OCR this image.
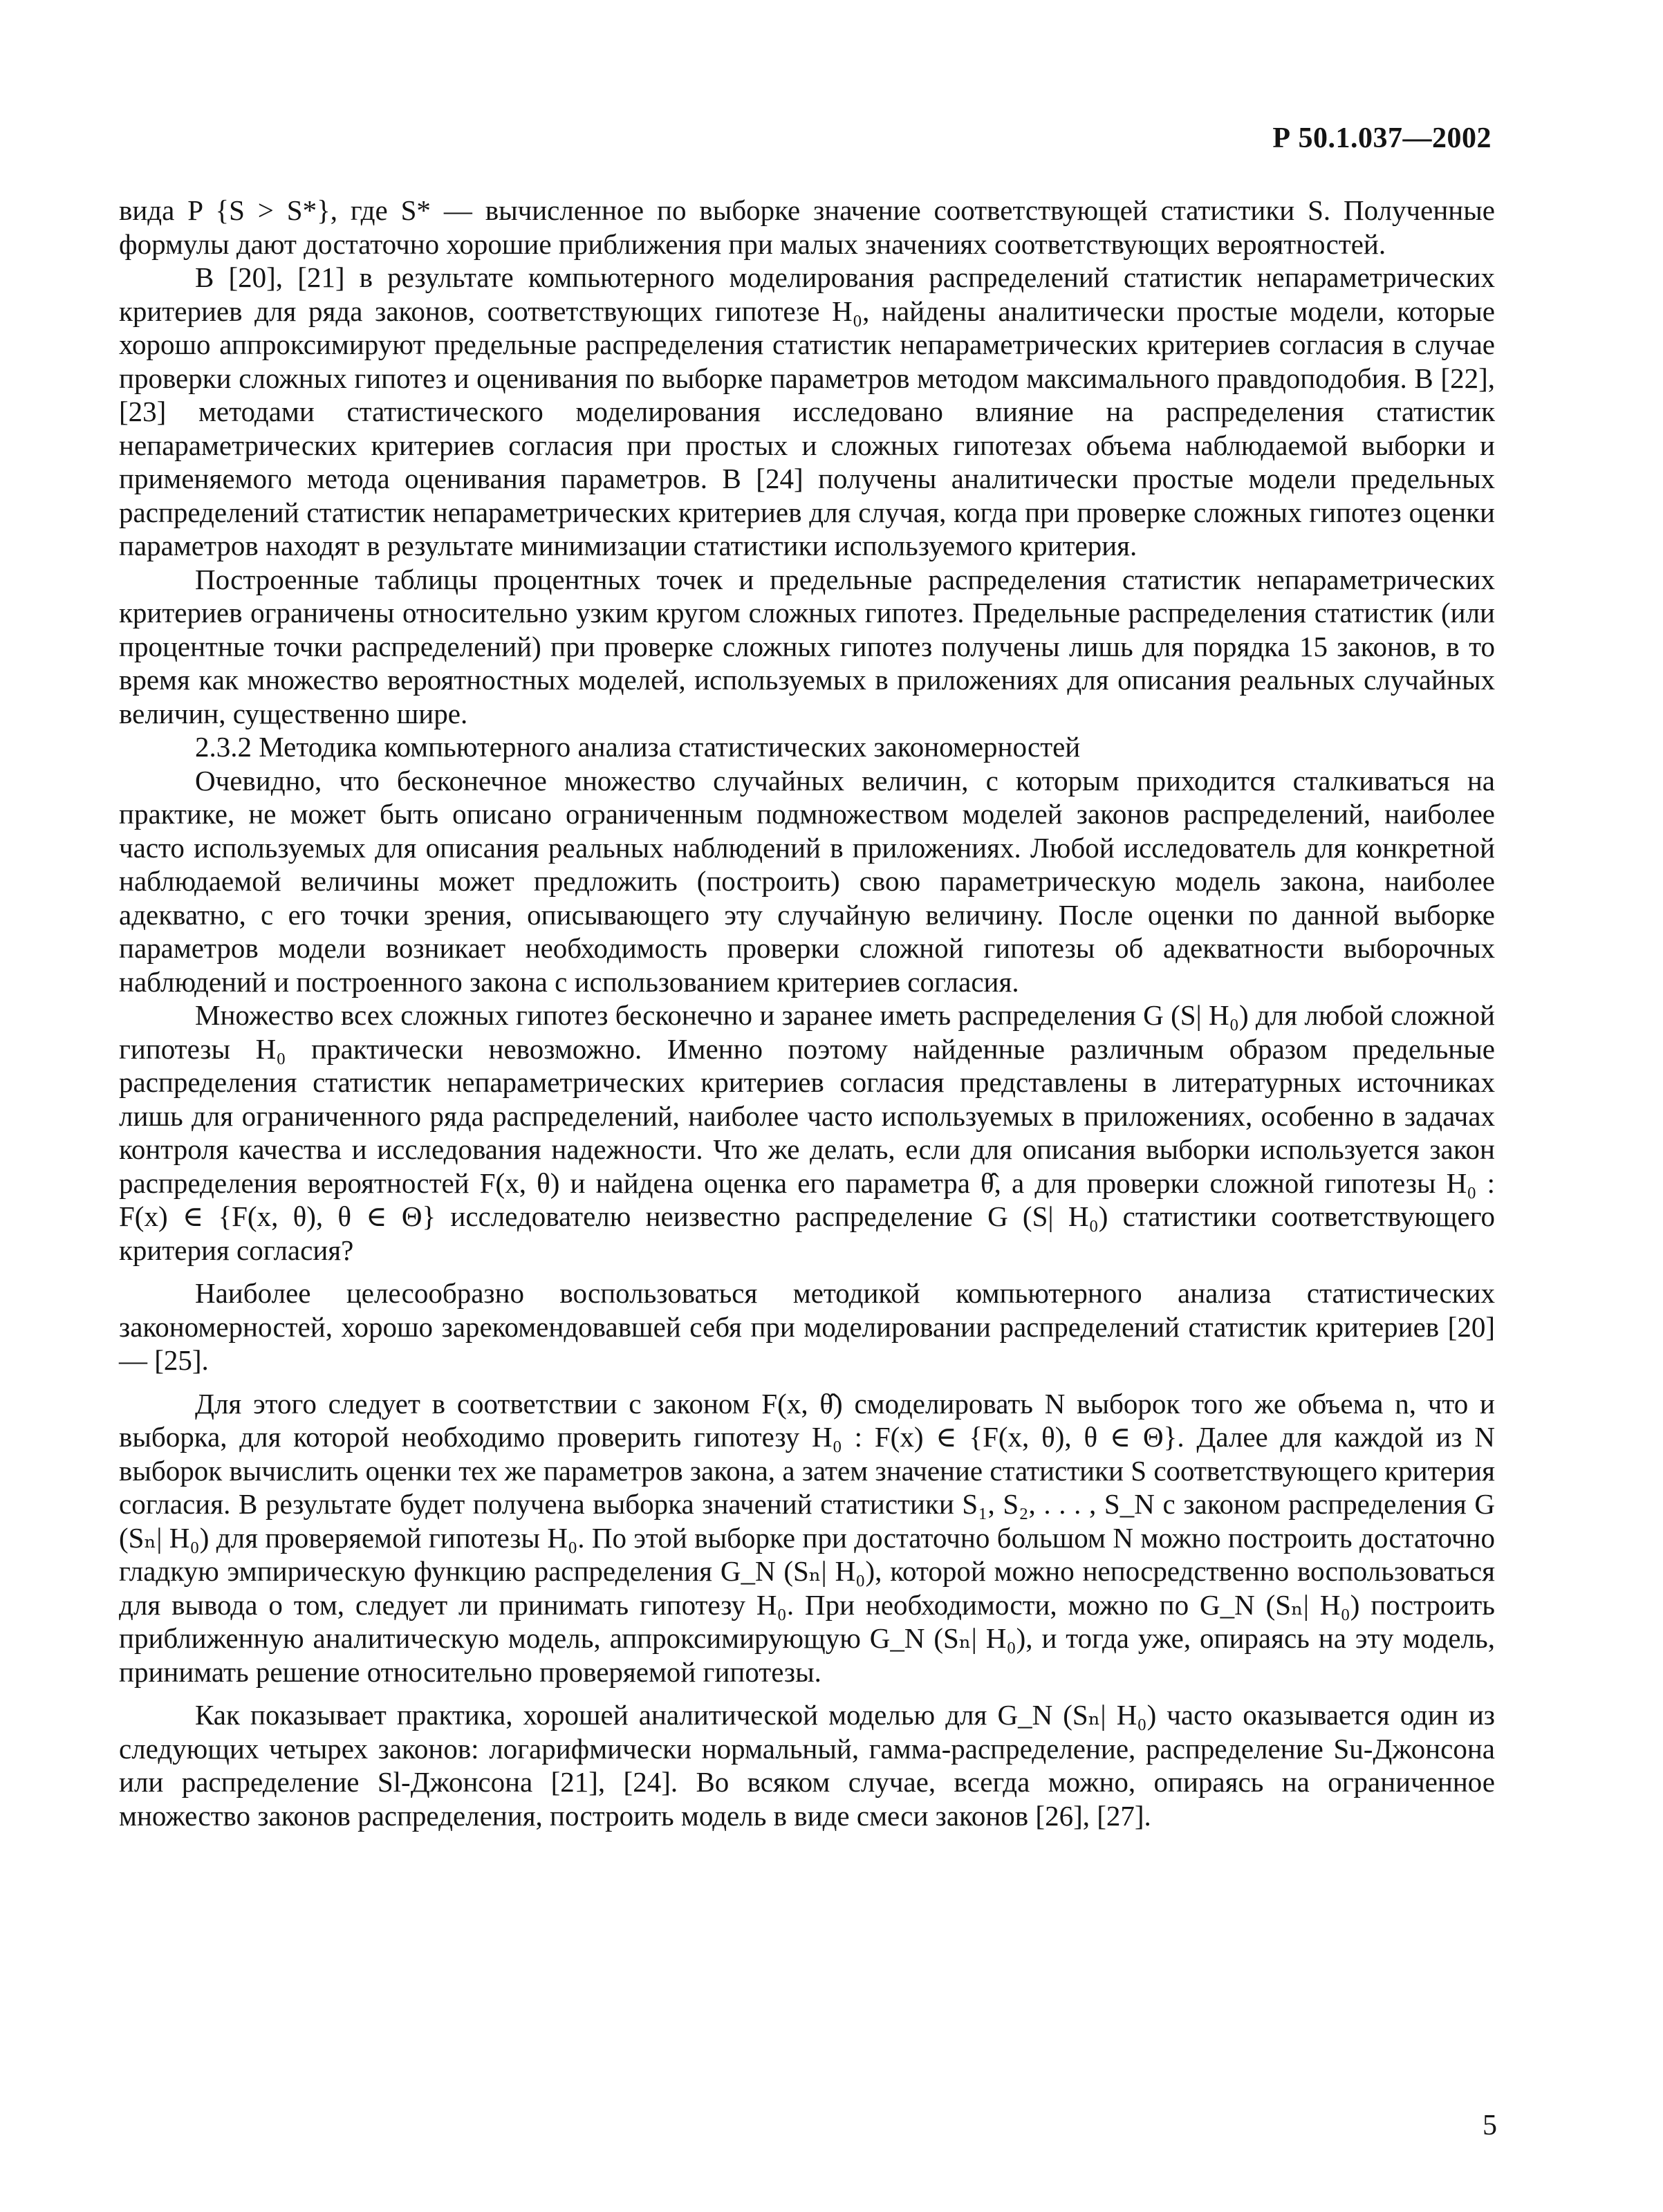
Р 50.1.037—2002

вида P {S > S*}, где S* — вычисленное по выборке значение соответствующей статистики S. Полученные формулы дают достаточно хорошие приближения при малых значениях соответствующих вероятностей.

В [20], [21] в результате компьютерного моделирования распределений статистик непараметрических критериев для ряда законов, соответствующих гипотезе H₀, найдены аналитически простые модели, которые хорошо аппроксимируют предельные распределения статистик непараметрических критериев согласия в случае проверки сложных гипотез и оценивания по выборке параметров методом максимального правдоподобия. В [22], [23] методами статистического моделирования исследовано влияние на распределения статистик непараметрических критериев согласия при простых и сложных гипотезах объема наблюдаемой выборки и применяемого метода оценивания параметров. В [24] получены аналитически простые модели предельных распределений статистик непараметрических критериев для случая, когда при проверке сложных гипотез оценки параметров находят в результате минимизации статистики используемого критерия.

Построенные таблицы процентных точек и предельные распределения статистик непараметрических критериев ограничены относительно узким кругом сложных гипотез. Предельные распределения статистик (или процентные точки распределений) при проверке сложных гипотез получены лишь для порядка 15 законов, в то время как множество вероятностных моделей, используемых в приложениях для описания реальных случайных величин, существенно шире.

2.3.2 Методика компьютерного анализа статистических закономерностей

Очевидно, что бесконечное множество случайных величин, с которым приходится сталкиваться на практике, не может быть описано ограниченным подмножеством моделей законов распределений, наиболее часто используемых для описания реальных наблюдений в приложениях. Любой исследователь для конкретной наблюдаемой величины может предложить (построить) свою параметрическую модель закона, наиболее адекватно, с его точки зрения, описывающего эту случайную величину. После оценки по данной выборке параметров модели возникает необходимость проверки сложной гипотезы об адекватности выборочных наблюдений и построенного закона с использованием критериев согласия.

Множество всех сложных гипотез бесконечно и заранее иметь распределения G (S| H₀) для любой сложной гипотезы H₀ практически невозможно. Именно поэтому найденные различным образом предельные распределения статистик непараметрических критериев согласия представлены в литературных источниках лишь для ограниченного ряда распределений, наиболее часто используемых в приложениях, особенно в задачах контроля качества и исследования надежности. Что же делать, если для описания выборки используется закон распределения вероятностей F(x, θ) и найдена оценка его параметра θ̂, а для проверки сложной гипотезы H₀ : F(x) ∈ {F(x, θ), θ ∈ Θ} исследователю неизвестно распределение G (S| H₀) статистики соответствующего критерия согласия?

Наиболее целесообразно воспользоваться методикой компьютерного анализа статистических закономерностей, хорошо зарекомендовавшей себя при моделировании распределений статистик критериев [20] — [25].

Для этого следует в соответствии с законом F(x, θ̂) смоделировать N выборок того же объема n, что и выборка, для которой необходимо проверить гипотезу H₀ : F(x) ∈ {F(x, θ), θ ∈ Θ}. Далее для каждой из N выборок вычислить оценки тех же параметров закона, а затем значение статистики S соответствующего критерия согласия. В результате будет получена выборка значений статистики S₁, S₂, . . . , S_N с законом распределения G (Sₙ| H₀) для проверяемой гипотезы H₀. По этой выборке при достаточно большом N можно построить достаточно гладкую эмпирическую функцию распределения G_N (Sₙ| H₀), которой можно непосредственно воспользоваться для вывода о том, следует ли принимать гипотезу H₀. При необходимости, можно по G_N (Sₙ| H₀) построить приближенную аналитическую модель, аппроксимирующую G_N (Sₙ| H₀), и тогда уже, опираясь на эту модель, принимать решение относительно проверяемой гипотезы.

Как показывает практика, хорошей аналитической моделью для G_N (Sₙ| H₀) часто оказывается один из следующих четырех законов: логарифмически нормальный, гамма-распределение, распределение Su-Джонсона или распределение Sl-Джонсона [21], [24]. Во всяком случае, всегда можно, опираясь на ограниченное множество законов распределения, построить модель в виде смеси законов [26], [27].

5
